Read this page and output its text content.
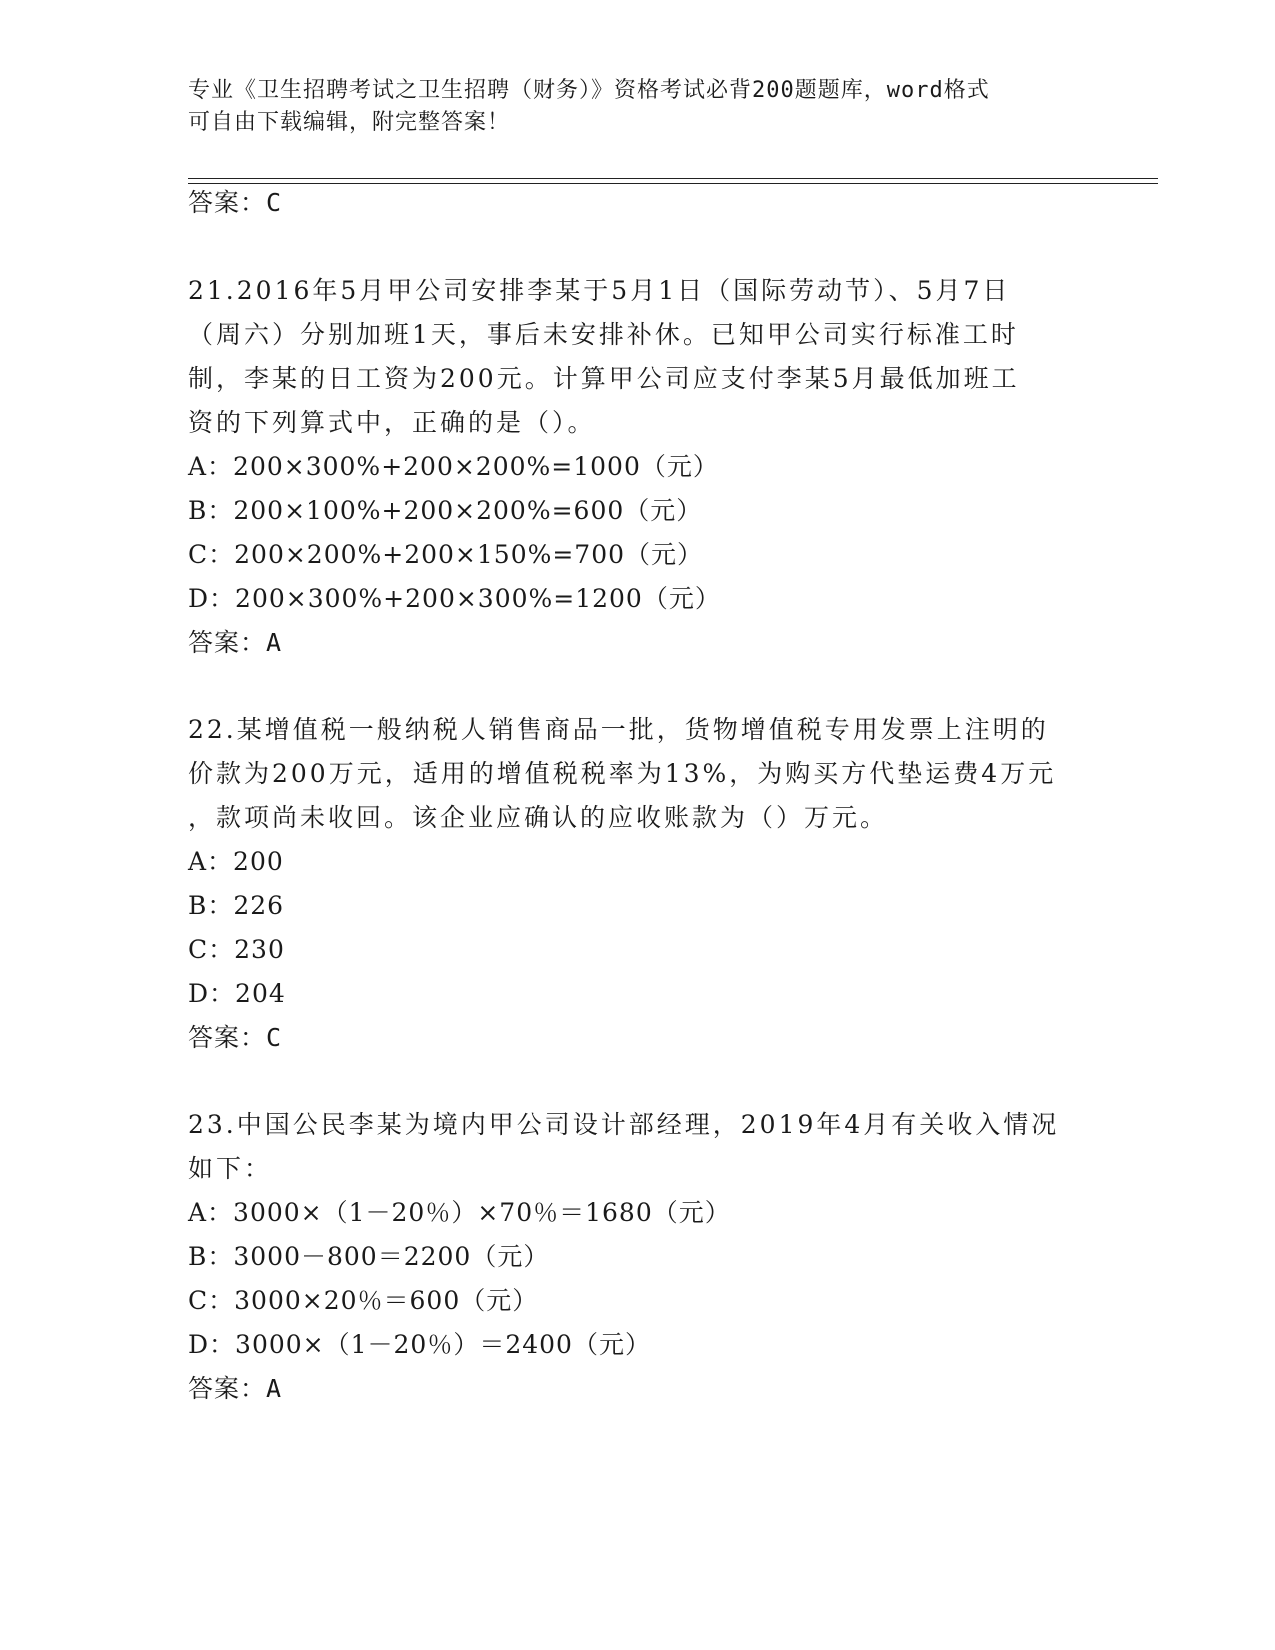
专业《卫生招聘考试之卫生招聘（财务）》资格考试必背200题题库，word格式
可自由下载编辑，附完整答案！
答案：C
21.2016年5月甲公司安排李某于5月1日（国际劳动节）、5月7日
（周六）分别加班1天，事后未安排补休。已知甲公司实行标准工时
制，李某的日工资为200元。计算甲公司应支付李某5月最低加班工
资的下列算式中，正确的是（）。
A：200×300%+200×200%=1000（元）
B：200×100%+200×200%=600（元）
C：200×200%+200×150%=700（元）
D：200×300%+200×300%=1200（元）
答案：A
22.某增值税一般纳税人销售商品一批，货物增值税专用发票上注明的
价款为200万元，适用的增值税税率为13%，为购买方代垫运费4万元
，款项尚未收回。该企业应确认的应收账款为（）万元。
A：200
B：226
C：230
D：204
答案：C
23.中国公民李某为境内甲公司设计部经理，2019年4月有关收入情况
如下：
A：3000×（1－20％）×70％＝1680（元）
B：3000－800＝2200（元）
C：3000×20％＝600（元）
D：3000×（1－20％）＝2400（元）
答案：A
